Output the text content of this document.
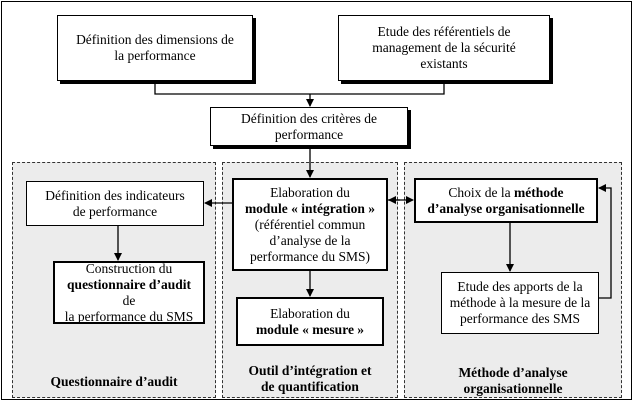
Définition des dimensions de
la performance
Etude des référentiels de
management de la sécurité
existants
Définition des critères de
performance
Définition des indicateurs
de performance
Construction du
questionnaire d’audit de
la performance du SMS
Elaboration du
module « intégration »
(référentiel commun
d’analyse de la
performance du SMS)
Elaboration du
module « mesure »
Choix de la méthode
d’analyse organisationnelle
Etude des apports de la
méthode à la mesure de la
performance des SMS
Questionnaire d’audit
Outil d’intégration et
de quantification
Méthode d’analyse
organisationnelle
